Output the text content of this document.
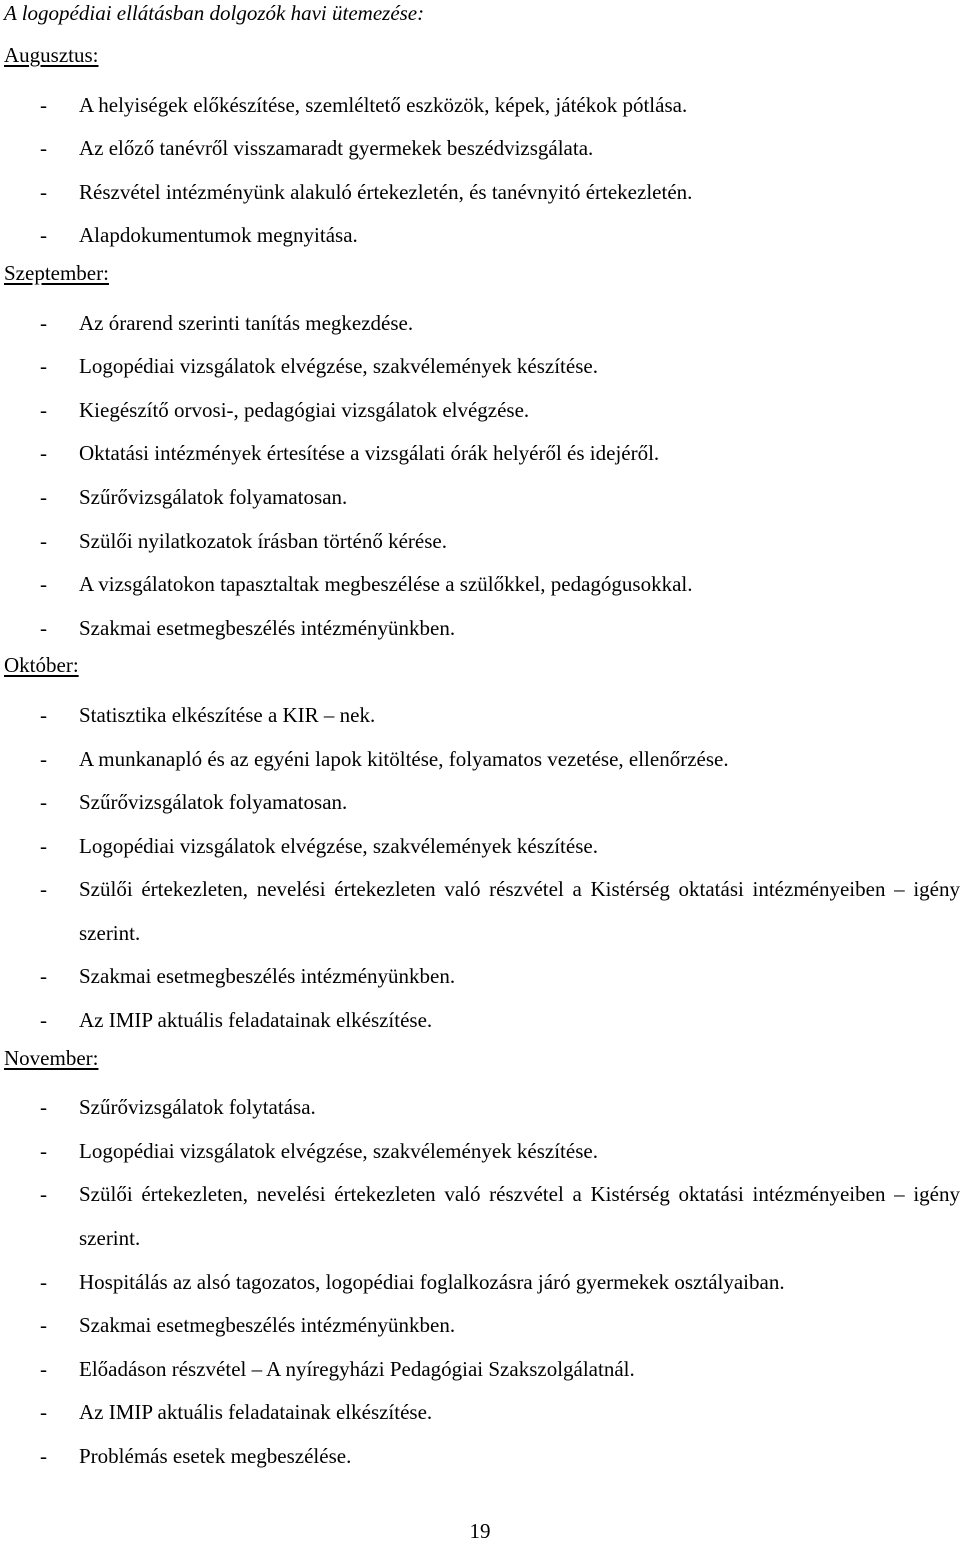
A logopédiai ellátásban dolgozók havi ütemezése:
Augusztus:
- A helyiségek előkészítése, szemléltető eszközök, képek, játékok pótlása.
- Az előző tanévről visszamaradt gyermekek beszédvizsgálata.
- Részvétel intézményünk alakuló értekezletén, és tanévnyitó értekezletén.
- Alapdokumentumok megnyitása.
Szeptember:
- Az órarend szerinti tanítás megkezdése.
- Logopédiai vizsgálatok elvégzése, szakvélemények készítése.
- Kiegészítő orvosi-, pedagógiai vizsgálatok elvégzése.
- Oktatási intézmények értesítése a vizsgálati órák helyéről és idejéről.
- Szűrővizsgálatok folyamatosan.
- Szülői nyilatkozatok írásban történő kérése.
- A vizsgálatokon tapasztaltak megbeszélése a szülőkkel, pedagógusokkal.
- Szakmai esetmegbeszélés intézményünkben.
Október:
- Statisztika elkészítése a KIR – nek.
- A munkanapló és az egyéni lapok kitöltése, folyamatos vezetése, ellenőrzése.
- Szűrővizsgálatok folyamatosan.
- Logopédiai vizsgálatok elvégzése, szakvélemények készítése.
- Szülői értekezleten, nevelési értekezleten való részvétel a Kistérség oktatási intézményeiben – igény szerint.
- Szakmai esetmegbeszélés intézményünkben.
- Az IMIP aktuális feladatainak elkészítése.
November:
- Szűrővizsgálatok folytatása.
- Logopédiai vizsgálatok elvégzése, szakvélemények készítése.
- Szülői értekezleten, nevelési értekezleten való részvétel a Kistérség oktatási intézményeiben – igény szerint.
- Hospitálás az alsó tagozatos, logopédiai foglalkozásra járó gyermekek osztályaiban.
- Szakmai esetmegbeszélés intézményünkben.
- Előadáson részvétel – A nyíregyházi Pedagógiai Szakszolgálatnál.
- Az IMIP aktuális feladatainak elkészítése.
- Problémás esetek megbeszélése.
19
